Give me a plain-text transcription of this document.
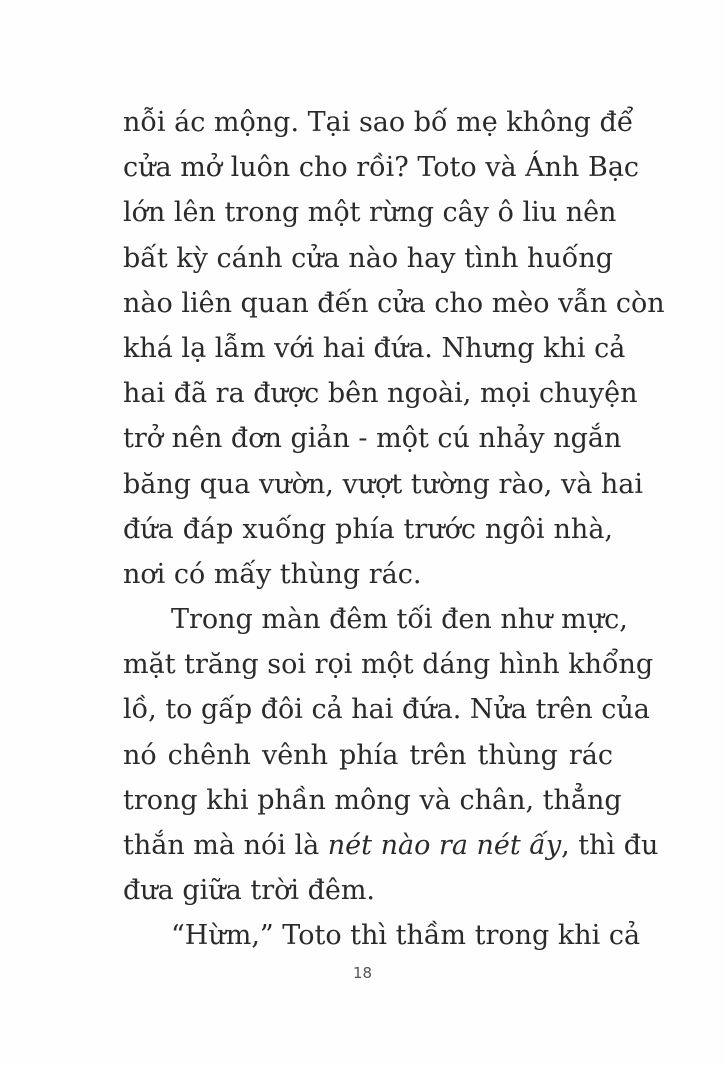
nỗi ác mộng. Tại sao bố mẹ không để
cửa mở luôn cho rồi? Toto và Ánh Bạc
lớn lên trong một rừng cây ô liu nên
bất kỳ cánh cửa nào hay tình huống
nào liên quan đến cửa cho mèo vẫn còn
khá lạ lẫm với hai đứa. Nhưng khi cả
hai đã ra được bên ngoài, mọi chuyện
trở nên đơn giản - một cú nhảy ngắn
băng qua vườn, vượt tường rào, và hai
đứa đáp xuống phía trước ngôi nhà,
nơi có mấy thùng rác.
Trong màn đêm tối đen như mực,
mặt trăng soi rọi một dáng hình khổng
lồ, to gấp đôi cả hai đứa. Nửa trên của
nó chênh vênh phía trên thùng rác
trong khi phần mông và chân, thẳng
thắn mà nói là nét nào ra nét ấy, thì đu
đưa giữa trời đêm.
“Hừm,” Toto thì thầm trong khi cả
18
